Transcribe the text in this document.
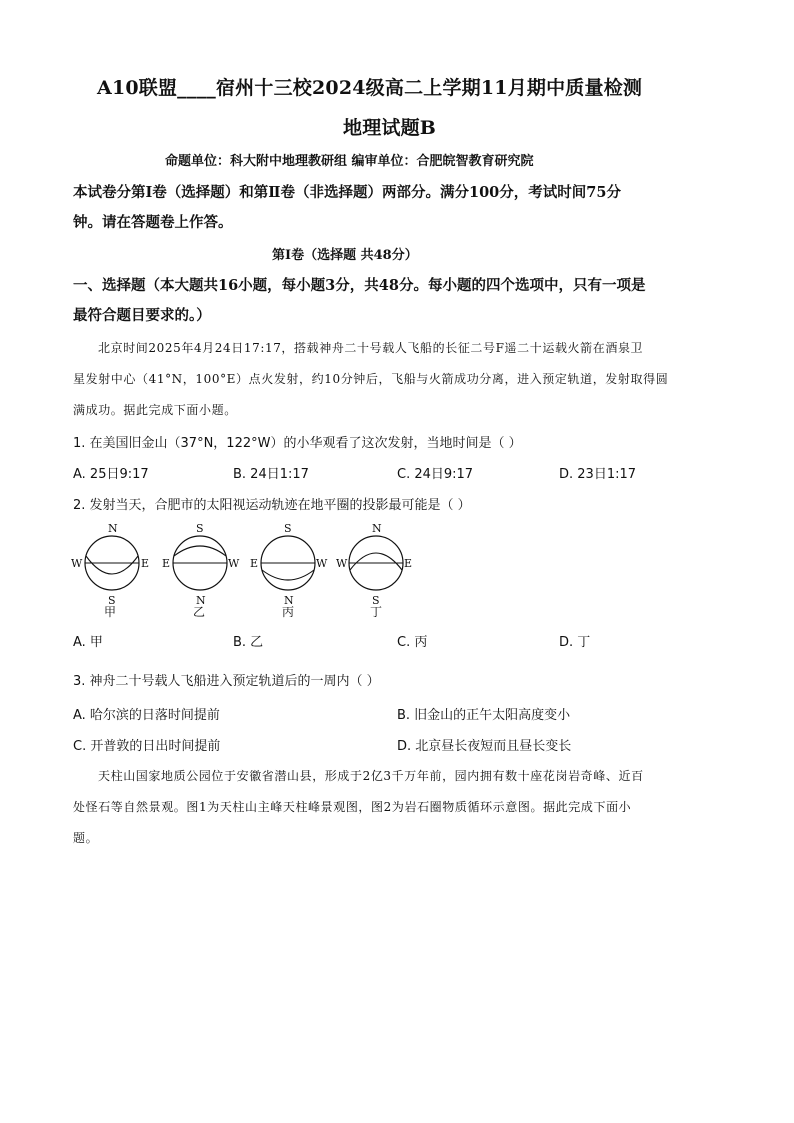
A10联盟____宿州十三校2024级高二上学期11月期中质量检测
地理试题B
命题单位：科大附中地理教研组 编审单位：合肥皖智教育研究院
本试卷分第Ⅰ卷（选择题）和第Ⅱ卷（非选择题）两部分。满分100分，考试时间75分
钟。请在答题卷上作答。
第Ⅰ卷（选择题 共48分）
一、选择题（本大题共16小题，每小题3分，共48分。每小题的四个选项中，只有一项是
最符合题目要求的。）
北京时间2025年4月24日17:17，搭载神舟二十号载人飞船的长征二号F遥二十运载火箭在酒泉卫
星发射中心（41°N，100°E）点火发射，约10分钟后，飞船与火箭成功分离，进入预定轨道，发射取得圆
满成功。据此完成下面小题。
1. 在美国旧金山（37°N，122°W）的小华观看了这次发射，当地时间是（ ）
A. 25日9:17	B. 24日1:17	C. 24日9:17	D. 23日1:17
2. 发射当天，合肥市的太阳视运动轨迹在地平圈的投影最可能是（ ）
N
S
W	E
甲
S
N
E	W
乙
S
N
E	W
丙
N
S
W	E
丁
A. 甲	B. 乙	C. 丙	D. 丁
3. 神舟二十号载人飞船进入预定轨道后的一周内（ ）
A. 哈尔滨的日落时间提前	B. 旧金山的正午太阳高度变小
C. 开普敦的日出时间提前	D. 北京昼长夜短而且昼长变长
天柱山国家地质公园位于安徽省潜山县，形成于2亿3千万年前，园内拥有数十座花岗岩奇峰、近百
处怪石等自然景观。图1为天柱山主峰天柱峰景观图，图2为岩石圈物质循环示意图。据此完成下面小
题。
